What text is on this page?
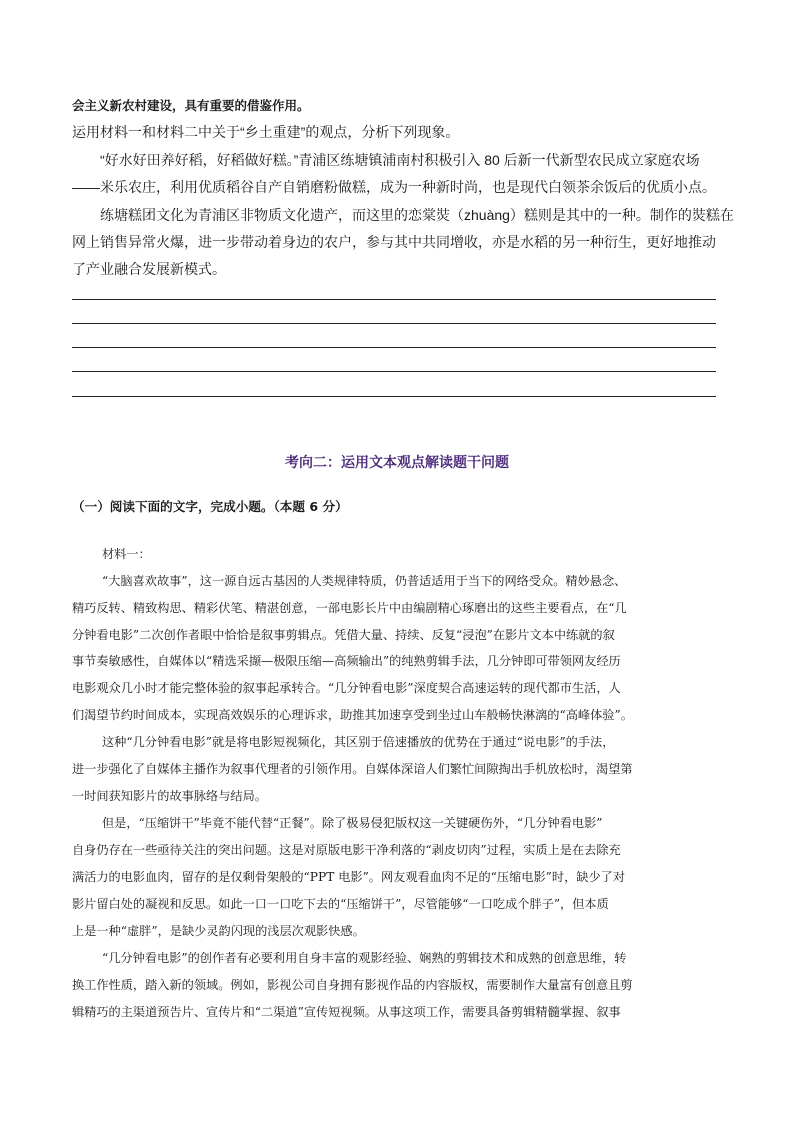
会主义新农村建设，具有重要的借鉴作用。
运用材料一和材料二中关于“乡土重建”的观点，分析下列现象。
“好水好田养好稻，好稻做好糕。”青浦区练塘镇浦南村积极引入 80 后新一代新型农民成立家庭农场
——米乐农庄，利用优质稻谷自产自销磨粉做糕，成为一种新时尚，也是现代白领茶余饭后的优质小点。
练塘糕团文化为青浦区非物质文化遗产，而这里的恋棠焋（zhuàng）糕则是其中的一种。制作的焋糕在
网上销售异常火爆，进一步带动着身边的农户，参与其中共同增收，亦是水稻的另一种衍生，更好地推动
了产业融合发展新模式。
考向二：运用文本观点解读题干问题
（一）阅读下面的文字，完成小题。（本题 6 分）
材料一：
“大脑喜欢故事”，这一源自远古基因的人类规律特质，仍普适适用于当下的网络受众。精妙悬念、
精巧反转、精致构思、精彩伏笔、精湛创意，一部电影长片中由编剧精心琢磨出的这些主要看点，在“几
分钟看电影”二次创作者眼中恰恰是叙事剪辑点。凭借大量、持续、反复“浸泡”在影片文本中练就的叙
事节奏敏感性，自媒体以“精选采撷—极限压缩—高频输出”的纯熟剪辑手法，几分钟即可带领网友经历
电影观众几小时才能完整体验的叙事起承转合。“几分钟看电影”深度契合高速运转的现代都市生活，人
们渴望节约时间成本，实现高效娱乐的心理诉求，助推其加速享受到坐过山车般畅快淋漓的“高峰体验”。
这种“几分钟看电影”就是将电影短视频化，其区别于倍速播放的优势在于通过“说电影”的手法，
进一步强化了自媒体主播作为叙事代理者的引领作用。自媒体深谙人们繁忙间隙掏出手机放松时，渴望第
一时间获知影片的故事脉络与结局。
但是，“压缩饼干”毕竟不能代替“正餐”。除了极易侵犯版权这一关键硬伤外，“几分钟看电影”
自身仍存在一些亟待关注的突出问题。这是对原版电影干净利落的“剥皮切肉”过程，实质上是在去除充
满活力的电影血肉，留存的是仅剩骨架般的“PPT 电影”。网友观看血肉不足的“压缩电影”时，缺少了对
影片留白处的凝视和反思。如此一口一口吃下去的“压缩饼干”，尽管能够“一口吃成个胖子”，但本质
上是一种“虚胖”，是缺少灵韵闪现的浅层次观影快感。
“几分钟看电影”的创作者有必要利用自身丰富的观影经验、娴熟的剪辑技术和成熟的创意思维，转
换工作性质，踏入新的领域。例如，影视公司自身拥有影视作品的内容版权，需要制作大量富有创意且剪
辑精巧的主渠道预告片、宣传片和“二渠道”宣传短视频。从事这项工作，需要具备剪辑精髓掌握、叙事
